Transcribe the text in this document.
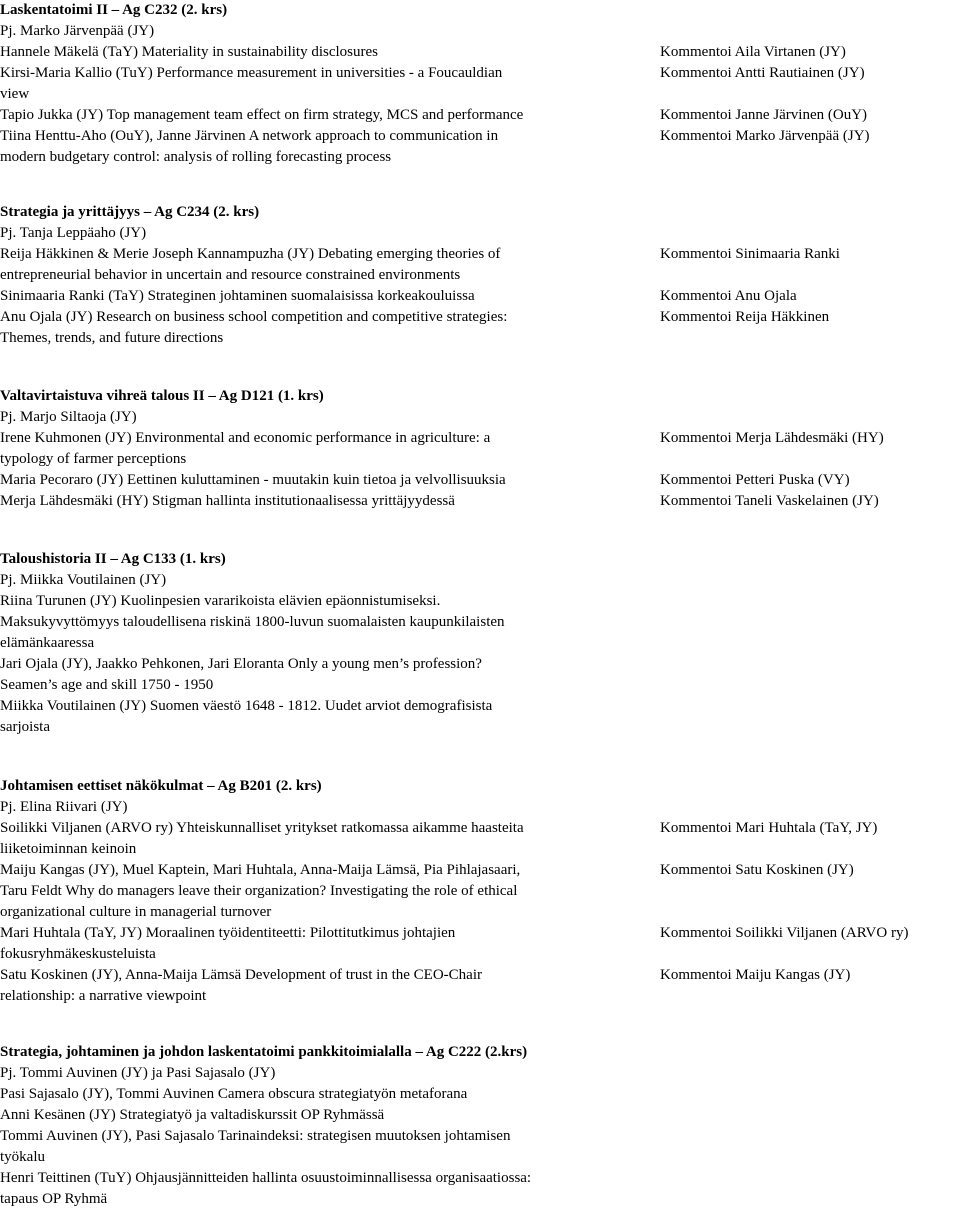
Laskentatoimi II – Ag C232 (2. krs)
Pj. Marko Järvenpää (JY)
Hannele Mäkelä (TaY) Materiality in sustainability disclosures	Kommentoi Aila Virtanen (JY)
Kirsi-Maria Kallio (TuY) Performance measurement in universities - a Foucauldian	Kommentoi Antti Rautiainen (JY)
view
Tapio Jukka (JY) Top management team effect on firm strategy, MCS and performance	Kommentoi Janne Järvinen (OuY)
Tiina Henttu-Aho (OuY), Janne Järvinen A network approach to communication in	Kommentoi Marko Järvenpää (JY)
modern budgetary control: analysis of rolling forecasting process
Strategia ja yrittäjyys – Ag C234 (2. krs)
Pj. Tanja Leppäaho (JY)
Reija Häkkinen & Merie Joseph Kannampuzha (JY) Debating emerging theories of	Kommentoi Sinimaaria Ranki
entrepreneurial behavior in uncertain and resource constrained environments
Sinimaaria Ranki (TaY) Strateginen johtaminen suomalaisissa korkeakouluissa	Kommentoi Anu Ojala
Anu Ojala (JY) Research on business school competition and competitive strategies:	Kommentoi Reija Häkkinen
Themes, trends, and future directions
Valtavirtaistuva vihreä talous II – Ag D121 (1. krs)
Pj. Marjo Siltaoja (JY)
Irene Kuhmonen (JY) Environmental and economic performance in agriculture: a	Kommentoi Merja Lähdesmäki (HY)
typology of farmer perceptions
Maria Pecoraro (JY) Eettinen kuluttaminen - muutakin kuin tietoa ja velvollisuuksia	Kommentoi Petteri Puska (VY)
Merja Lähdesmäki (HY) Stigman hallinta institutionaalisessa yrittäjyydessä	Kommentoi Taneli Vaskelainen (JY)
Taloushistoria II – Ag C133 (1. krs)
Pj. Miikka Voutilainen (JY)
Riina Turunen (JY) Kuolinpesien vararikoista elävien epäonnistumiseksi.
Maksukyvyttömyys taloudellisena riskinä 1800-luvun suomalaisten kaupunkilaisten
elämänkaaressa
Jari Ojala (JY), Jaakko Pehkonen, Jari Eloranta Only a young men’s profession?
Seamen’s age and skill 1750 - 1950
Miikka Voutilainen (JY) Suomen väestö 1648 - 1812. Uudet arviot demografisista
sarjoista
Johtamisen eettiset näkökulmat – Ag B201 (2. krs)
Pj. Elina Riivari (JY)
Soilikki Viljanen (ARVO ry) Yhteiskunnalliset yritykset ratkomassa aikamme haasteita	Kommentoi Mari Huhtala (TaY, JY)
liiketoiminnan keinoin
Maiju Kangas (JY), Muel Kaptein, Mari Huhtala, Anna-Maija Lämsä, Pia Pihlajasaari,	Kommentoi Satu Koskinen (JY)
Taru Feldt Why do managers leave their organization? Investigating the role of ethical
organizational culture in managerial turnover
Mari Huhtala (TaY, JY) Moraalinen työidentiteetti: Pilottitutkimus johtajien	Kommentoi Soilikki Viljanen (ARVO ry)
fokusryhmäkeskusteluista
Satu Koskinen (JY), Anna-Maija Lämsä Development of trust in the CEO-Chair	Kommentoi Maiju Kangas (JY)
relationship: a narrative viewpoint
Strategia, johtaminen ja johdon laskentatoimi pankkitoimialalla – Ag C222 (2.krs)
Pj. Tommi Auvinen (JY) ja Pasi Sajasalo (JY)
Pasi Sajasalo (JY), Tommi Auvinen Camera obscura strategiatyön metaforana
Anni Kesänen (JY) Strategiatyö ja valtadiskurssit OP Ryhmässä
Tommi Auvinen (JY), Pasi Sajasalo Tarinaindeksi: strategisen muutoksen johtamisen
työkalu
Henri Teittinen (TuY) Ohjausjännitteiden hallinta osuustoiminnallisessa organisaatiossa:
tapaus OP Ryhmä
